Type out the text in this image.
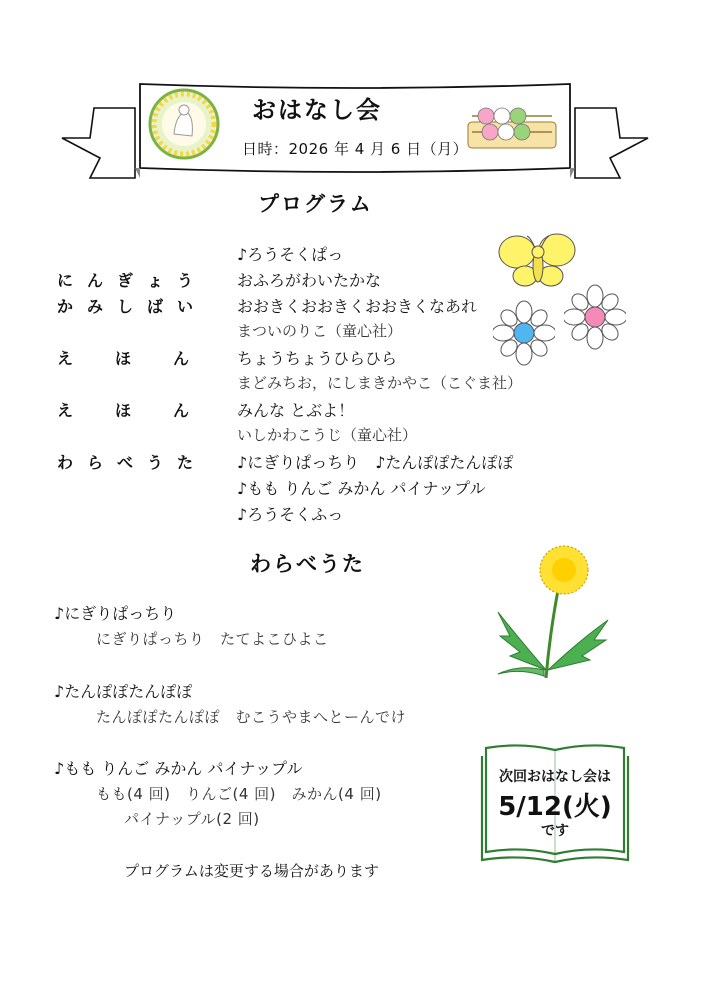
おはなし会
日時：2026 年 4 月 6 日（月）
プログラム
♪ろうそくぱっ
にんぎょう おふろがわいたかな
かみしばい おおきくおおきくおおきくなあれ
まついのりこ（童心社）
えほん ちょうちょうひらひら
まどみちお，にしまきかやこ（こぐま社）
えほん みんな とぶよ！
いしかわこうじ（童心社）
わらべうた ♪にぎりぱっちり　♪たんぽぽたんぽぽ
♪もも りんご みかん パイナップル
♪ろうそくふっ
わらべうた
♪にぎりぱっちり
にぎりぱっちり　たてよこひよこ
♪たんぽぽたんぽぽ
たんぽぽたんぽぽ　むこうやまへとーんでけ
♪もも りんご みかん パイナップル
もも(4 回)　りんご(4 回)　みかん(4 回)
パイナップル(2 回)
次回おはなし会は
5/12(火)
です
プログラムは変更する場合があります
